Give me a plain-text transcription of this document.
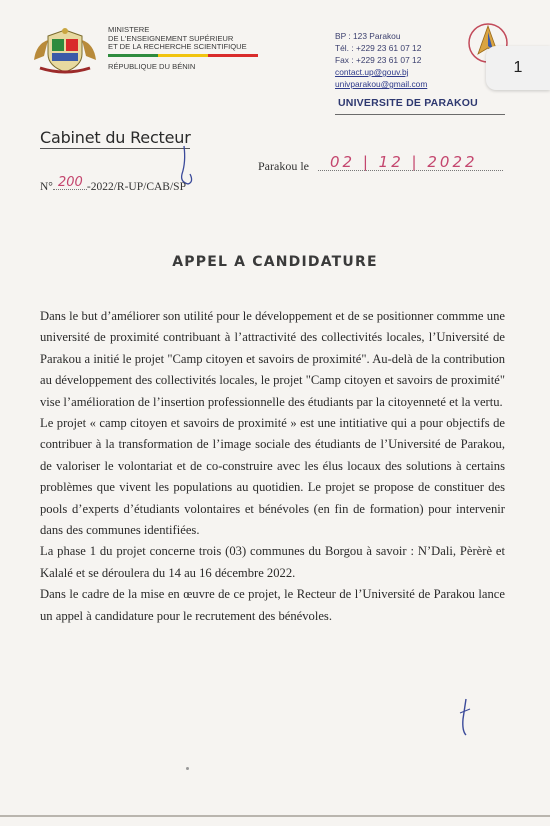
MINISTERE
DE L'ENSEIGNEMENT SUPÉRIEUR
ET DE LA RECHERCHE SCIENTIFIQUE
RÉPUBLIQUE DU BÉNIN
BP : 123 Parakou
Tél. : +229 23 61 07 12
Fax : +229 23 61 07 12
contact.up@gouv.bj
univparakou@gmail.com
UNIVERSITE DE PARAKOU
1
Cabinet du Recteur
Parakou le 02 | 12 | 2022
N°	-2022/R-UP/CAB/SP
200
APPEL A CANDIDATURE

Dans le but d’améliorer son utilité pour le développement et de se positionner commme une université de proximité contribuant à l’attractivité des collectivités locales, l’Université de Parakou a initié le projet "Camp citoyen et savoirs de proximité". Au-delà de la contribution au développement des collectivités locales, le projet "Camp citoyen et savoirs de proximité" vise l’amélioration de l’insertion professionnelle des étudiants par la citoyenneté et la vertu.

Le projet « camp citoyen et savoirs de proximité » est une intitiative qui a pour objectifs de contribuer à la transformation de l’image sociale des étudiants de l’Université de Parakou, de valoriser le volontariat et de co-construire avec les élus locaux des solutions à certains problèmes que vivent les populations au quotidien. Le projet se propose de constituer des pools d’experts d’étudiants volontaires et bénévoles (en fin de formation) pour intervenir dans des communes identifiées.

La phase 1 du projet concerne trois (03) communes du Borgou à savoir : N’Dali, Pèrèrè et Kalalé et se déroulera du 14 au 16 décembre 2022.

Dans le cadre de la mise en œuvre de ce projet, le Recteur de l’Université de Parakou lance un appel à candidature pour le recrutement des bénévoles.
